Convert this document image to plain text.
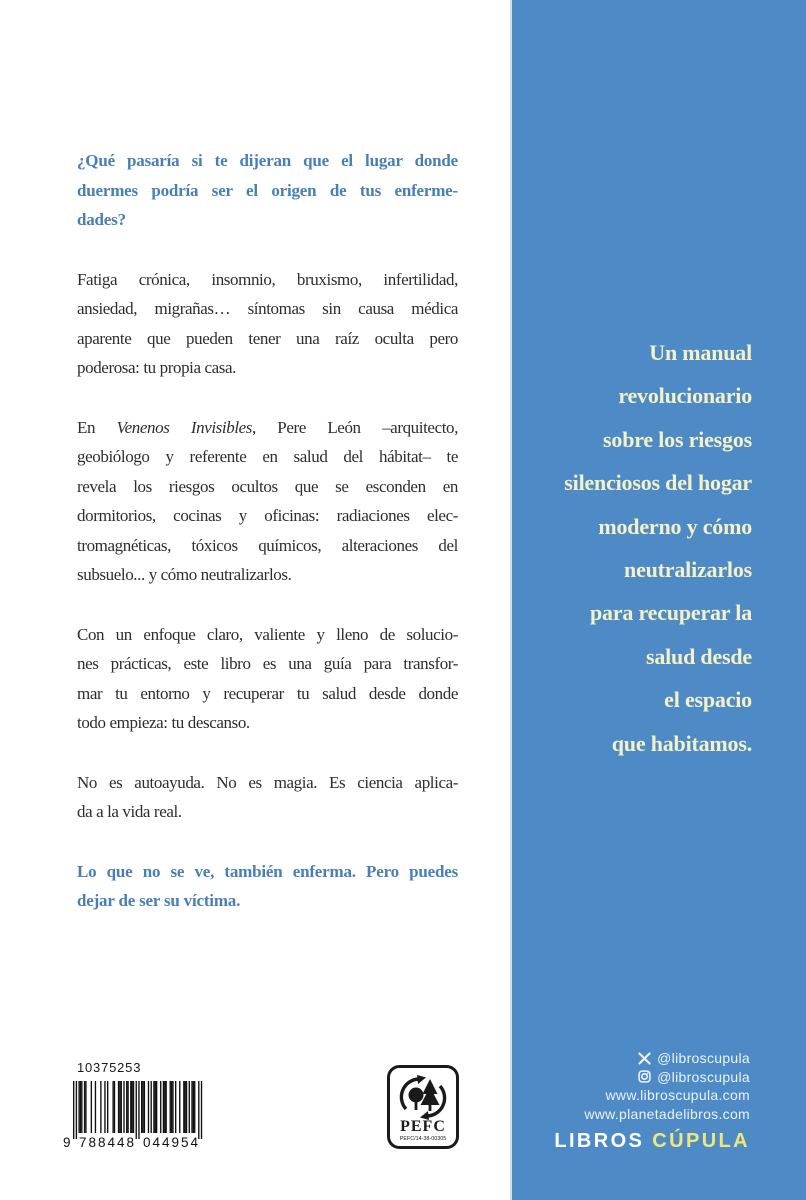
Un manual
revolucionario
sobre los riesgos
silenciosos del hogar
moderno y cómo
neutralizarlos
para recuperar la
salud desde
el espacio
que habitamos.
@libroscupula
@libroscupula
www.libroscupula.com
www.planetadelibros.com
LIBROS CÚPULA
¿Qué pasaría si te dijeran que el lugar donde
duermes podría ser el origen de tus enferme-
dades?
Fatiga crónica, insomnio, bruxismo, infertilidad,
ansiedad, migrañas… síntomas sin causa médica
aparente que pueden tener una raíz oculta pero
poderosa: tu propia casa.
En Venenos Invisibles, Pere León –arquitecto,
geobiólogo y referente en salud del hábitat– te
revela los riesgos ocultos que se esconden en
dormitorios, cocinas y oficinas: radiaciones elec-
tromagnéticas, tóxicos químicos, alteraciones del
subsuelo... y cómo neutralizarlos.
Con un enfoque claro, valiente y lleno de solucio-
nes prácticas, este libro es una guía para transfor-
mar tu entorno y recuperar tu salud desde donde
todo empieza: tu descanso.
No es autoayuda. No es magia. Es ciencia aplica-
da a la vida real.
Lo que no se ve, también enferma. Pero puedes
dejar de ser su víctima.
10375253
9 788448 044954
PEFC
PEFC/14-38-00305
